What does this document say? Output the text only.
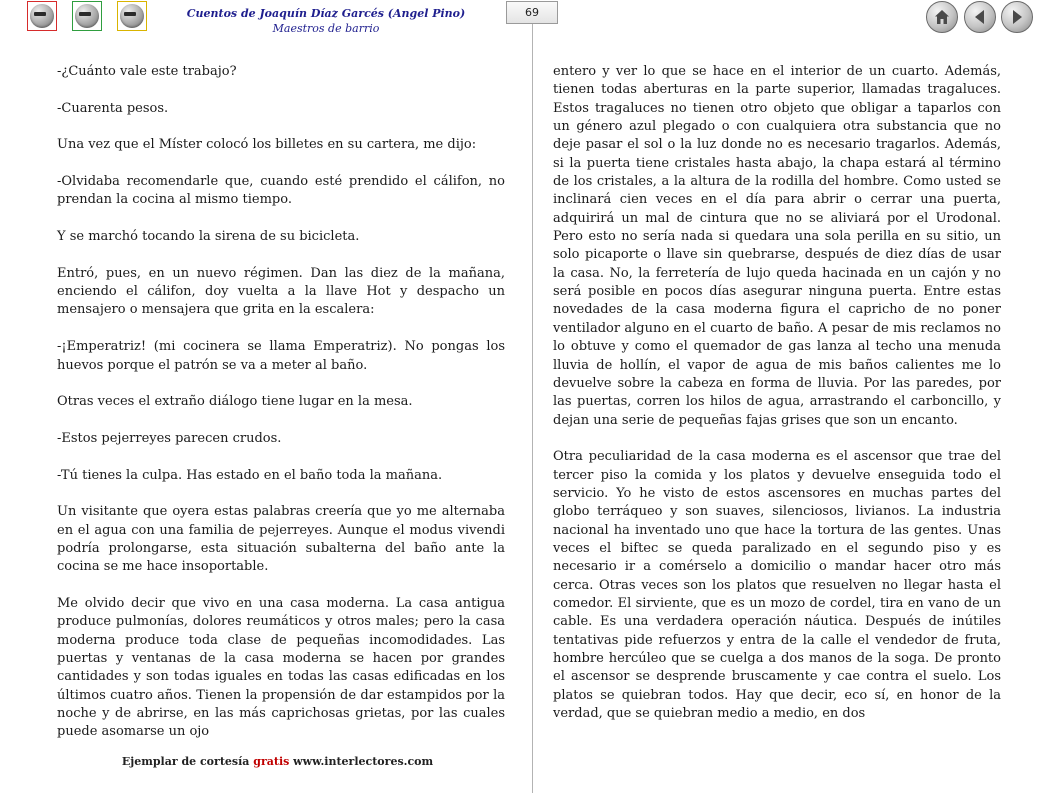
Cuentos de Joaquín Díaz Garcés (Angel Pino)
Maestros de barrio
69

-¿Cuánto vale este trabajo?

-Cuarenta pesos.

Una vez que el Míster colocó los billetes en su cartera, me dijo:

-Olvidaba recomendarle que, cuando esté prendido el cálifon, no prendan la cocina al mismo tiempo.

Y se marchó tocando la sirena de su bicicleta.

Entró, pues, en un nuevo régimen. Dan las diez de la mañana, enciendo el cálifon, doy vuelta a la llave Hot y despacho un mensajero o mensajera que grita en la escalera:

-¡Emperatriz! (mi cocinera se llama Emperatriz). No pongas los huevos porque el patrón se va a meter al baño.

Otras veces el extraño diálogo tiene lugar en la mesa.

-Estos pejerreyes parecen crudos.

-Tú tienes la culpa. Has estado en el baño toda la mañana.

Un visitante que oyera estas palabras creería que yo me alternaba en el agua con una familia de pejerreyes. Aunque el modus vivendi podría prolongarse, esta situación subalterna del baño ante la cocina se me hace insoportable.

Me olvido decir que vivo en una casa moderna. La casa antigua produce pulmonías, dolores reumáticos y otros males; pero la casa moderna produce toda clase de pequeñas incomodidades. Las puertas y ventanas de la casa moderna se hacen por grandes cantidades y son todas iguales en todas las casas edificadas en los últimos cuatro años. Tienen la propensión de dar estampidos por la noche y de abrirse, en las más caprichosas grietas, por las cuales puede asomarse un ojo

entero y ver lo que se hace en el interior de un cuarto. Además, tienen todas aberturas en la parte superior, llamadas tragaluces. Estos tragaluces no tienen otro objeto que obligar a taparlos con un género azul plegado o con cualquiera otra substancia que no deje pasar el sol o la luz donde no es necesario tragarlos. Además, si la puerta tiene cristales hasta abajo, la chapa estará al término de los cristales, a la altura de la rodilla del hombre. Como usted se inclinará cien veces en el día para abrir o cerrar una puerta, adquirirá un mal de cintura que no se aliviará por el Urodonal. Pero esto no sería nada si quedara una sola perilla en su sitio, un solo picaporte o llave sin quebrarse, después de diez días de usar la casa. No, la ferretería de lujo queda hacinada en un cajón y no será posible en pocos días asegurar ninguna puerta. Entre estas novedades de la casa moderna figura el capricho de no poner ventilador alguno en el cuarto de baño. A pesar de mis reclamos no lo obtuve y como el quemador de gas lanza al techo una menuda lluvia de hollín, el vapor de agua de mis baños calientes me lo devuelve sobre la cabeza en forma de lluvia. Por las paredes, por las puertas, corren los hilos de agua, arrastrando el carboncillo, y dejan una serie de pequeñas fajas grises que son un encanto.

Otra peculiaridad de la casa moderna es el ascensor que trae del tercer piso la comida y los platos y devuelve enseguida todo el servicio. Yo he visto de estos ascensores en muchas partes del globo terráqueo y son suaves, silenciosos, livianos. La industria nacional ha inventado uno que hace la tortura de las gentes. Unas veces el biftec se queda paralizado en el segundo piso y es necesario ir a comérselo a domicilio o mandar hacer otro más cerca. Otras veces son los platos que resuelven no llegar hasta el comedor. El sirviente, que es un mozo de cordel, tira en vano de un cable. Es una verdadera operación náutica. Después de inútiles tentativas pide refuerzos y entra de la calle el vendedor de fruta, hombre hercúleo que se cuelga a dos manos de la soga. De pronto el ascensor se desprende bruscamente y cae contra el suelo. Los platos se quiebran todos. Hay que decir, eco sí, en honor de la verdad, que se quiebran medio a medio, en dos

Ejemplar de cortesía gratis www.interlectores.com
